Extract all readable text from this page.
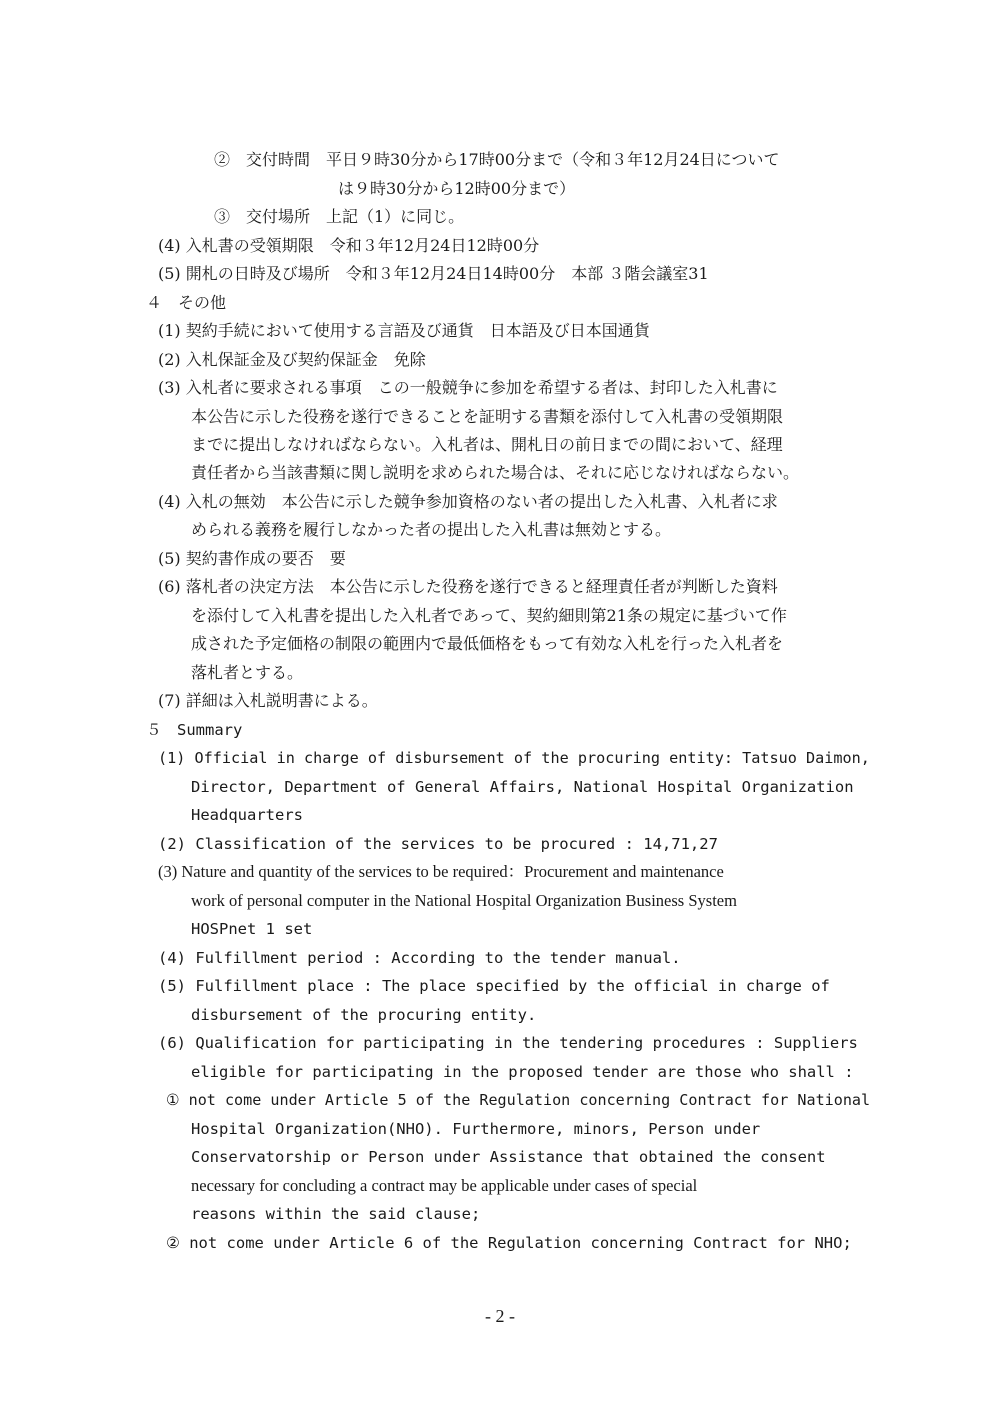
②　交付時間　平日９時30分から17時00分まで（令和３年12月24日について
は９時30分から12時00分まで）
③　交付場所　上記（1）に同じ。
(4) 入札書の受領期限　令和３年12月24日12時00分
(5) 開札の日時及び場所　令和３年12月24日14時00分　本部 ３階会議室31
４　その他
(1) 契約手続において使用する言語及び通貨　日本語及び日本国通貨
(2) 入札保証金及び契約保証金　免除
(3) 入札者に要求される事項　この一般競争に参加を希望する者は、封印した入札書に
本公告に示した役務を遂行できることを証明する書類を添付して入札書の受領期限
までに提出しなければならない。入札者は、開札日の前日までの間において、経理
責任者から当該書類に関し説明を求められた場合は、それに応じなければならない。
(4) 入札の無効　本公告に示した競争参加資格のない者の提出した入札書、入札者に求
められる義務を履行しなかった者の提出した入札書は無効とする。
(5) 契約書作成の要否　要
(6) 落札者の決定方法　本公告に示した役務を遂行できると経理責任者が判断した資料
を添付して入札書を提出した入札者であって、契約細則第21条の規定に基づいて作
成された予定価格の制限の範囲内で最低価格をもって有効な入札を行った入札者を
落札者とする。
(7) 詳細は入札説明書による。
５　Summary
(1) Official in charge of disbursement of the procuring entity: Tatsuo Daimon,
Director, Department of General Affairs, National Hospital Organization
Headquarters
(2) Classification of the services to be procured : 14,71,27
(3) Nature and quantity of the services to be required：Procurement and maintenance
work of personal computer in the National Hospital Organization Business System
HOSPnet 1 set
(4) Fulfillment period : According to the tender manual.
(5) Fulfillment place : The place specified by the official in charge of
disbursement of the procuring entity.
(6) Qualification for participating in the tendering procedures : Suppliers
eligible for participating in the proposed tender are those who shall :
① not come under Article 5 of the Regulation concerning Contract for National
Hospital Organization(NHO). Furthermore, minors, Person under
Conservatorship or Person under Assistance that obtained the consent
necessary for concluding a contract may be applicable under cases of special
reasons within the said clause;
② not come under Article 6 of the Regulation concerning Contract for NHO;
- 2 -
